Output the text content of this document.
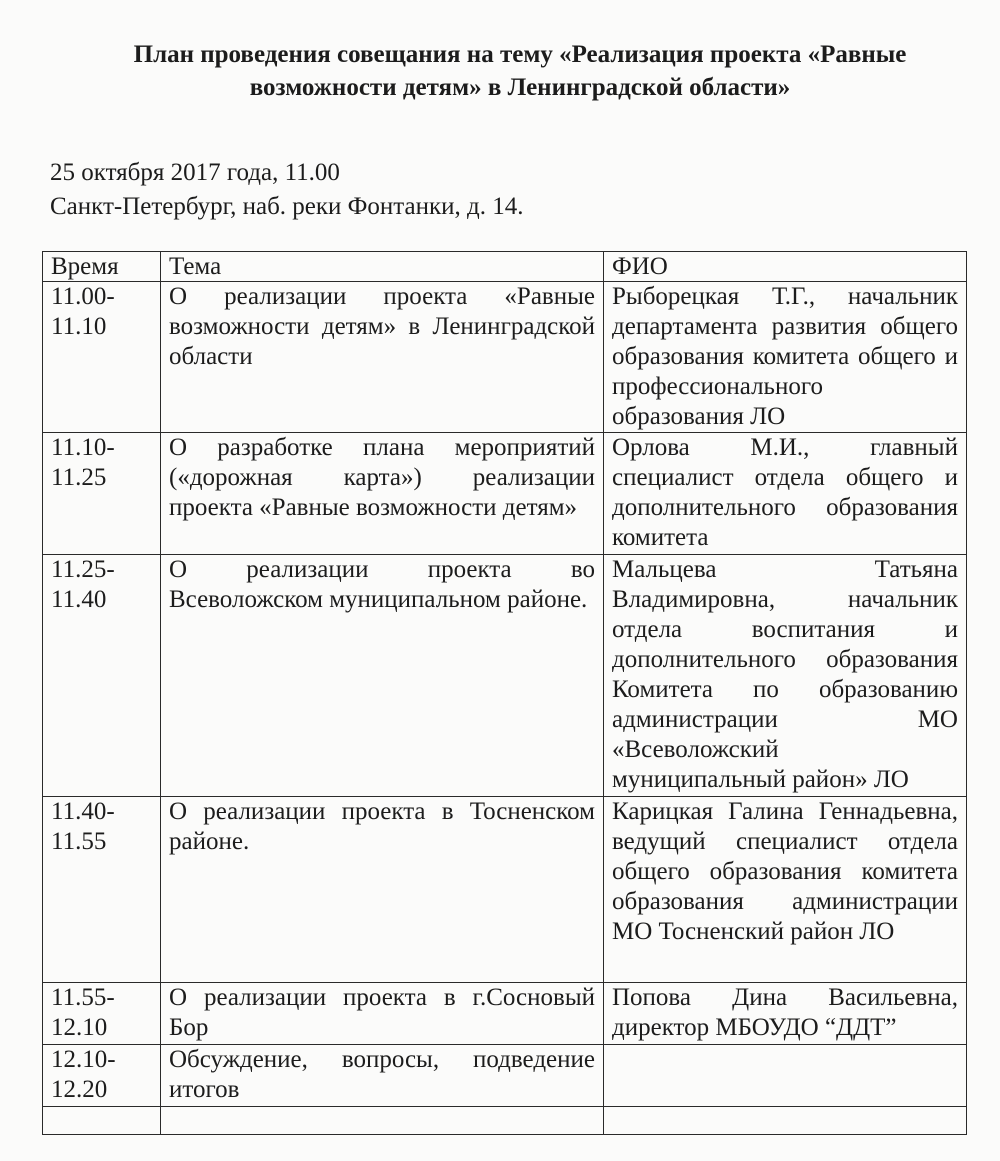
План проведения совещания на тему «Реализация проекта «Равные возможности детям» в Ленинградской области»
25 октября 2017 года, 11.00
Санкт-Петербург, наб. реки Фонтанки, д. 14.
Время	Тема	ФИО
11.00-
11.10	О реализации проекта «Равные возможности детям» в Ленинградской области	Рыборецкая Т.Г., начальник департамента развития общего образования комитета общего и профессионального образования ЛО
11.10-
11.25	О разработке плана мероприятий («дорожная карта») реализации проекта «Равные возможности детям»	Орлова М.И., главный специалист отдела общего и дополнительного образования комитета
11.25-
11.40	О реализации проекта во Всеволожском муниципальном районе.	Мальцева Татьяна Владимировна, начальник отдела воспитания и дополнительного образования Комитета по образованию администрации МО «Всеволожский муниципальный район» ЛО
11.40-
11.55	О реализации проекта в Тосненском районе.	Карицкая Галина Геннадьевна, ведущий специалист отдела общего образования комитета образования администрации МО Тосненский район ЛО
11.55-
12.10	О реализации проекта в г.Сосновый Бор	Попова Дина Васильевна, директор МБОУДО “ДДТ”
12.10-
12.20	Обсуждение, вопросы, подведение итогов	
